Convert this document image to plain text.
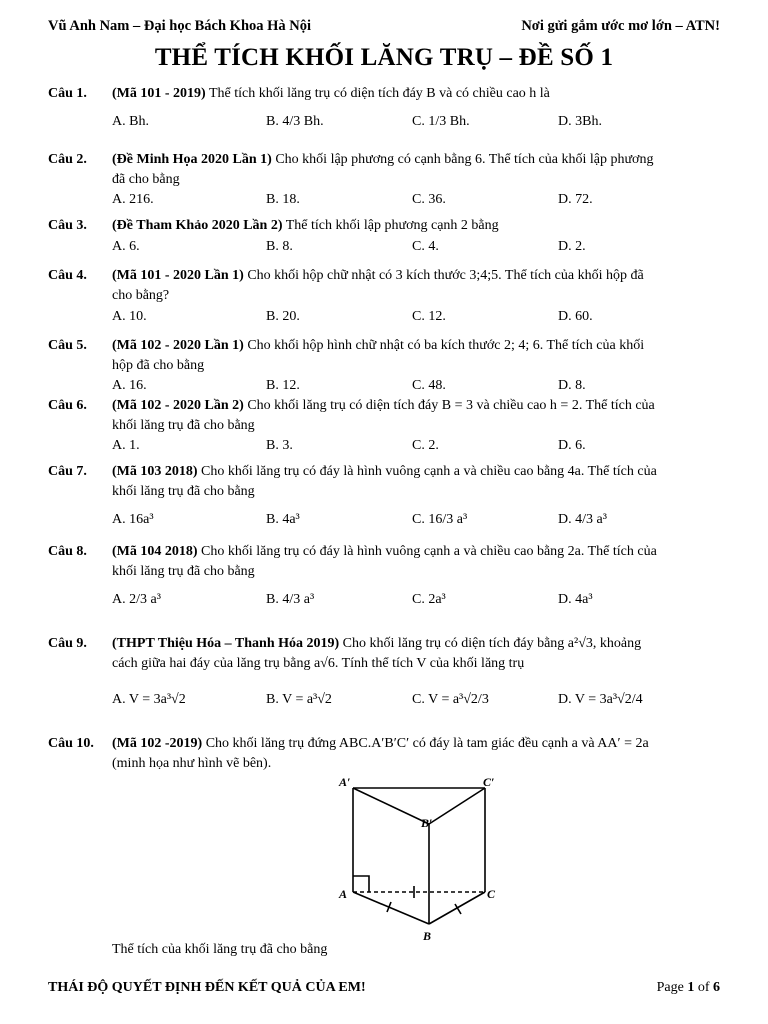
Vũ Anh Nam – Đại học Bách Khoa Hà Nội	Nơi gửi gắm ước mơ lớn – ATN!
THỂ TÍCH KHỐI LĂNG TRỤ – ĐỀ SỐ 1
Câu 1.	(Mã 101 - 2019) Thể tích khối lăng trụ có diện tích đáy B và có chiều cao h là
Câu 2.	(Đề Minh Họa 2020 Lần 1) Cho khối lập phương có cạnh bằng 6. Thể tích của khối lập phương
đã cho bằng
Câu 3.	(Đề Tham Khảo 2020 Lần 2) Thể tích khối lập phương cạnh 2 bằng
Câu 4.	(Mã 101 - 2020 Lần 1) Cho khối hộp chữ nhật có 3 kích thước 3;4;5. Thể tích của khối hộp đã
cho bằng?
Câu 5.	(Mã 102 - 2020 Lần 1) Cho khối hộp hình chữ nhật có ba kích thước 2; 4; 6. Thể tích của khối
hộp đã cho bằng
Câu 6.	(Mã 102 - 2020 Lần 2) Cho khối lăng trụ có diện tích đáy B = 3 và chiều cao h = 2. Thể tích của
khối lăng trụ đã cho bằng
Câu 7.	(Mã 103 2018) Cho khối lăng trụ có đáy là hình vuông cạnh a và chiều cao bằng 4a. Thể tích của
khối lăng trụ đã cho bằng
Câu 8.	(Mã 104 2018) Cho khối lăng trụ có đáy là hình vuông cạnh a và chiều cao bằng 2a. Thể tích của
khối lăng trụ đã cho bằng
Câu 9.	(THPT Thiệu Hóa – Thanh Hóa 2019) Cho khối lăng trụ có diện tích đáy bằng a²√3, khoảng
cách giữa hai đáy của lăng trụ bằng a√6. Tính thể tích V của khối lăng trụ
Câu 10.	(Mã 102 -2019) Cho khối lăng trụ đứng ABC.A′B′C′ có đáy là tam giác đều cạnh a và AA′ = 2a
(minh họa như hình vẽ bên).
A′	C′
B′
A	C
B
THÁI ĐỘ QUYẾT ĐỊNH ĐẾN KẾT QUẢ CỦA EM!	Page 1 of 6
A. Bh.	B. 4/3 Bh.	C. 1/3 Bh.	D. 3Bh.
A. 216.	B. 18.	C. 36.	D. 72.
A. 6.	B. 8.	C. 4.	D. 2.
A. 10.	B. 20.	C. 12.	D. 60.
A. 16.	B. 12.	C. 48.	D. 8.
A. 1.	B. 3.	C. 2.	D. 6.
A. 16a³	B. 4a³	C. 16/3 a³	D. 4/3 a³
A. 2/3 a³	B. 4/3 a³	C. 2a³	D. 4a³
A. V = 3a³√2	B. V = a³√2	C. V = a³√2/3	D. V = 3a³√2/4
Thể tích của khối lăng trụ đã cho bằng
